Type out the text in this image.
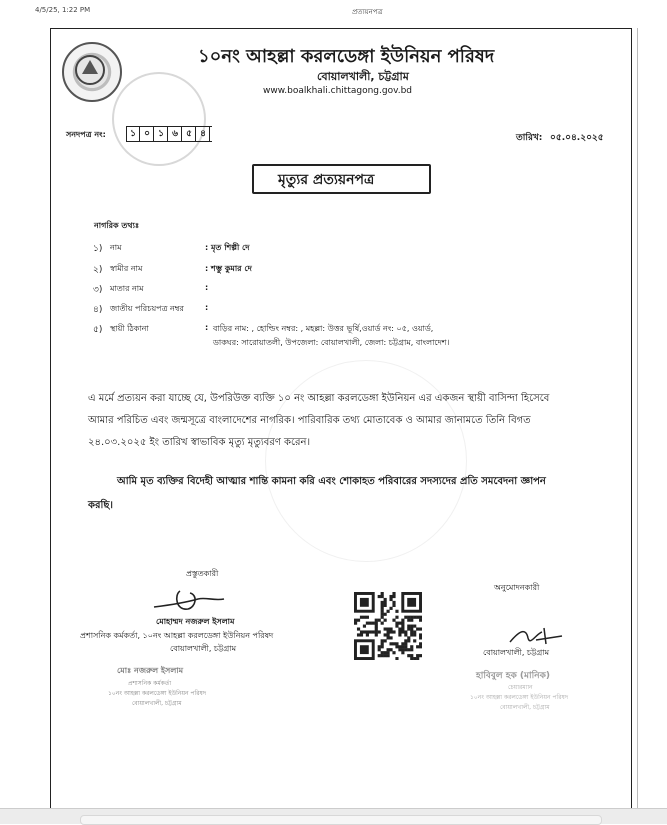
4/5/25, 1:22 PM	প্রত্যয়নপত্র
১০নং আহল্লা করলডেঙ্গা ইউনিয়ন পরিষদ
বোয়ালখালী, চট্টগ্রাম
www.boalkhali.chittagong.gov.bd
সনদপত্র নং:	১ ০ ১ ৬ ৫ ৪	তারিখ: ০৫.০৪.২০২৫
মৃত্যুর প্রত্যয়নপত্র
নাগরিক তথ্যঃ
১) নাম	: মৃত শিল্পী দে
২) স্বামীর নাম	: শম্ভু কুমার দে
৩) মাতার নাম	:
৪) জাতীয় পরিচয়পত্র নম্বর	:
৫) স্থায়ী ঠিকানা	: বাড়ির নাম: , হোল্ডিং নম্বর: , মহল্লা: উত্তর ভূর্ষি,ওয়ার্ড নং: ০৫, ওয়ার্ড,
ডাকঘর: সারোয়াতলী, উপজেলা: বোয়ালখালী, জেলা: চট্টগ্রাম, বাংলাদেশ।
এ মর্মে প্রত্যয়ন করা যাচ্ছে যে, উপরিউক্ত ব্যক্তি ১০ নং আহল্লা করলডেঙ্গা ইউনিয়ন এর একজন স্থায়ী বাসিন্দা হিসেবে
আমার পরিচিত এবং জন্মসূত্রে বাংলাদেশের নাগরিক। পারিবারিক তথ্য মোতাবেক ও আমার জানামতে তিনি বিগত
২৪.০৩.২০২৫ ইং তারিখ স্বাভাবিক মৃত্যু মৃত্যুবরণ করেন।
আমি মৃত ব্যক্তির বিদেহী আত্মার শান্তি কামনা করি এবং শোকাহত পরিবারের সদস্যদের প্রতি সমবেদনা জ্ঞাপন
করছি।
প্রস্তুতকারী
মোহাম্মদ নজরুল ইসলাম
প্রশাসনিক কর্মকর্তা, ১০নং আহল্লা করলডেঙ্গা ইউনিয়ন পরিষদ
বোয়ালখালী, চট্টগ্রাম
মোঃ নজরুল ইসলাম
প্রশাসনিক কর্মকর্তা
১০নং আহল্লা করলডেঙ্গা ইউনিয়ন পরিষদ
বোয়ালখালী, চট্টগ্রাম
অনুমোদনকারী
বোয়ালখালী, চট্টগ্রাম
হাবিবুল হক (মানিক)
চেয়ারম্যান
১০নং আহল্লা করলডেঙ্গা ইউনিয়ন পরিষদ
বোয়ালখালী, চট্টগ্রাম
